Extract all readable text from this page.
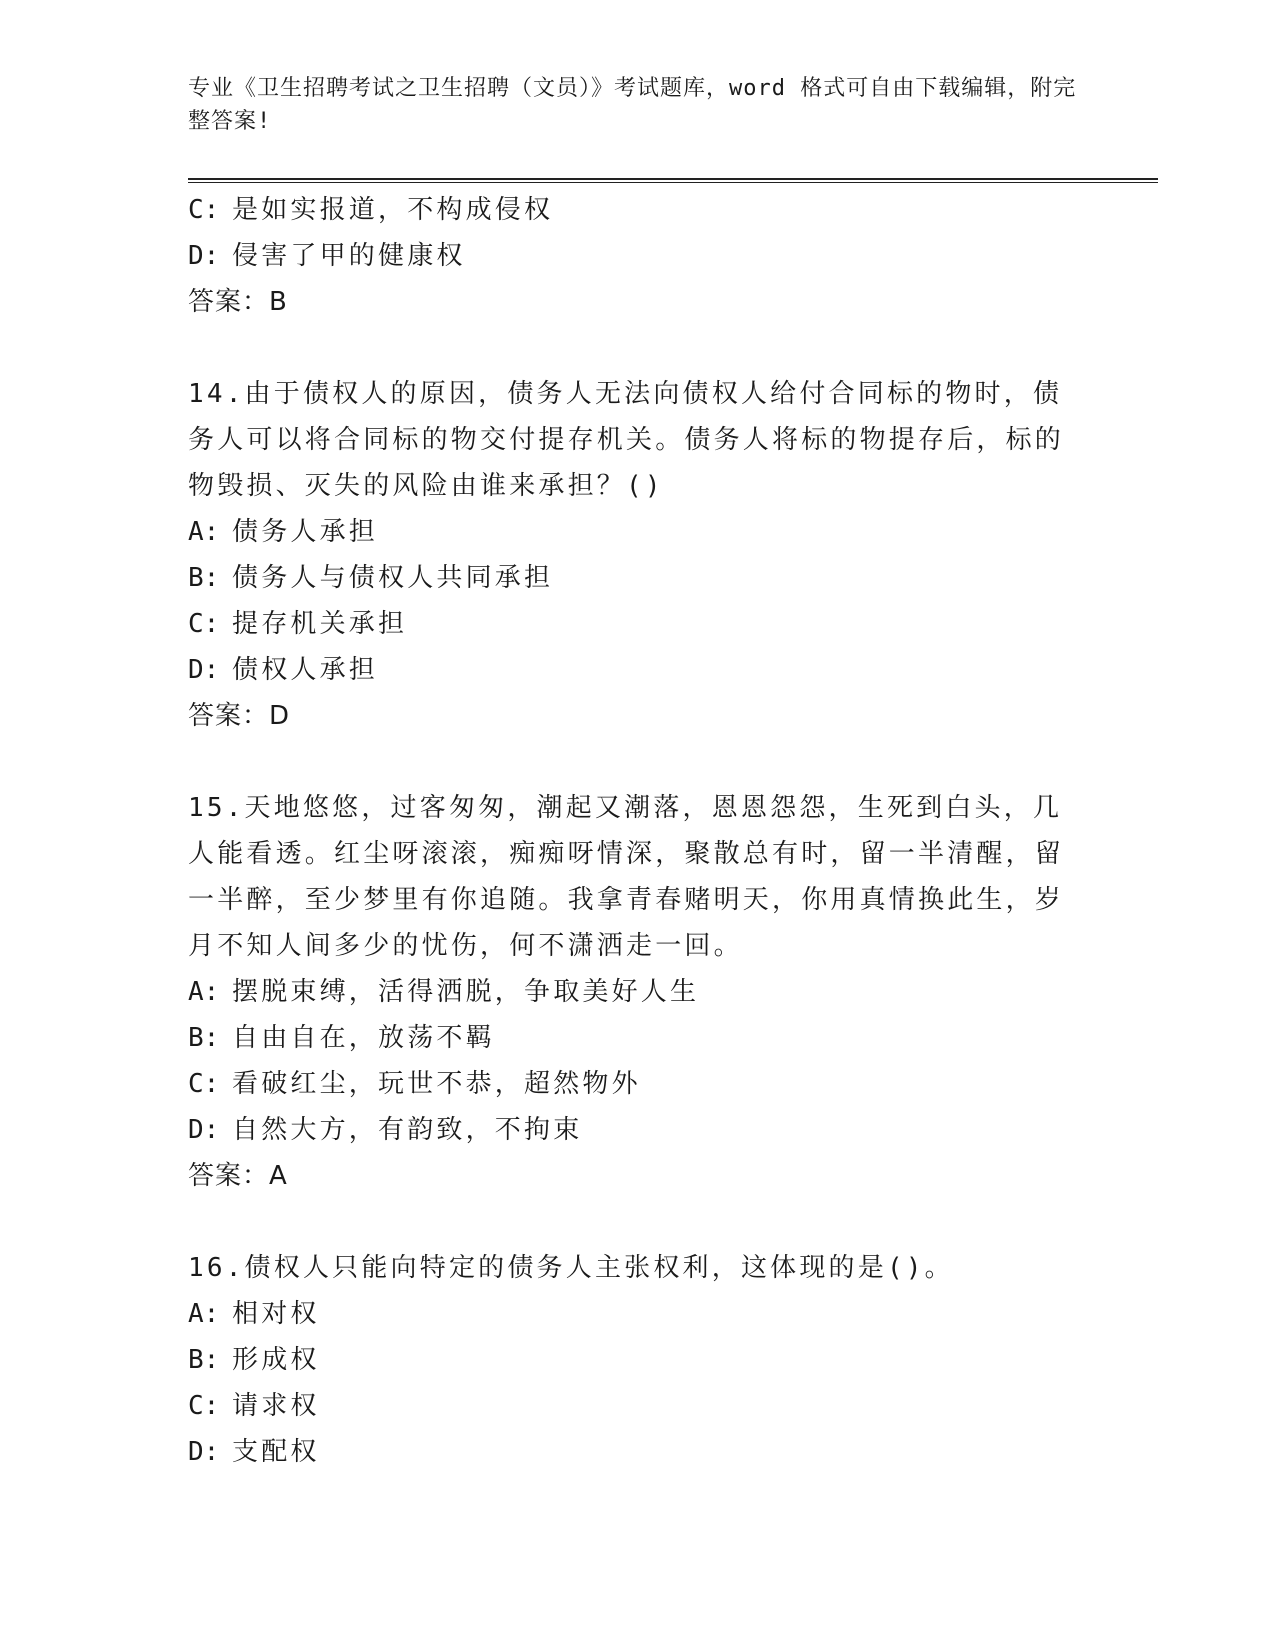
专业《卫生招聘考试之卫生招聘（文员）》考试题库，word 格式可自由下载编辑，附完整答案!
C: 是如实报道，不构成侵权
D: 侵害了甲的健康权
答案：B
14.由于债权人的原因，债务人无法向债权人给付合同标的物时，债务人可以将合同标的物交付提存机关。债务人将标的物提存后，标的物毁损、灭失的风险由谁来承担？()
A: 债务人承担
B: 债务人与债权人共同承担
C: 提存机关承担
D: 债权人承担
答案：D
15.天地悠悠，过客匆匆，潮起又潮落，恩恩怨怨，生死到白头，几人能看透。红尘呀滚滚，痴痴呀情深，聚散总有时，留一半清醒，留一半醉，至少梦里有你追随。我拿青春赌明天，你用真情换此生，岁月不知人间多少的忧伤，何不潇洒走一回。
A: 摆脱束缚，活得洒脱，争取美好人生
B: 自由自在，放荡不羁
C: 看破红尘，玩世不恭，超然物外
D: 自然大方，有韵致，不拘束
答案：A
16.债权人只能向特定的债务人主张权利，这体现的是()。
A: 相对权
B: 形成权
C: 请求权
D: 支配权
